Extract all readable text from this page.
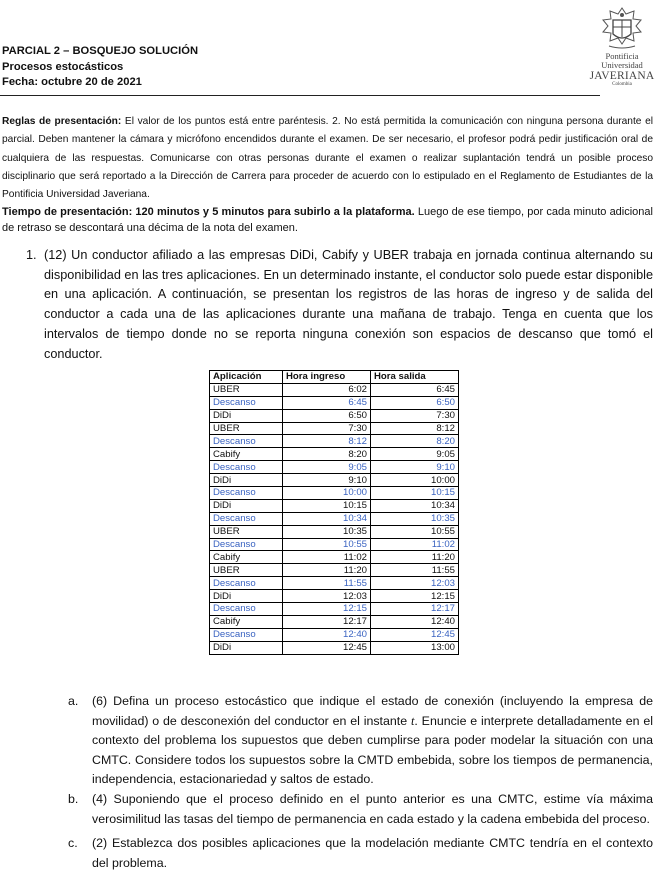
PARCIAL 2 – BOSQUEJO SOLUCIÓN
Procesos estocásticos
Fecha: octubre 20 de 2021
Pontificia Universidad
JAVERIANA
Colombia
Reglas de presentación: El valor de los puntos está entre paréntesis. 2. No está permitida la comunicación con ninguna persona durante el parcial. Deben mantener la cámara y micrófono encendidos durante el examen. De ser necesario, el profesor podrá pedir justificación oral de cualquiera de las respuestas. Comunicarse con otras personas durante el examen o realizar suplantación tendrá un posible proceso disciplinario que será reportado a la Dirección de Carrera para proceder de acuerdo con lo estipulado en el Reglamento de Estudiantes de la Pontificia Universidad Javeriana.
Tiempo de presentación: 120 minutos y 5 minutos para subirlo a la plataforma. Luego de ese tiempo, por cada minuto adicional de retraso se descontará una décima de la nota del examen.
1. (12) Un conductor afiliado a las empresas DiDi, Cabify y UBER trabaja en jornada continua alternando su disponibilidad en las tres aplicaciones. En un determinado instante, el conductor solo puede estar disponible en una aplicación. A continuación, se presentan los registros de las horas de ingreso y de salida del conductor a cada una de las aplicaciones durante una mañana de trabajo. Tenga en cuenta que los intervalos de tiempo donde no se reporta ninguna conexión son espacios de descanso que tomó el conductor.
Aplicación	Hora ingreso	Hora salida
UBER	6:02	6:45
Descanso	6:45	6:50
DiDi	6:50	7:30
UBER	7:30	8:12
Descanso	8:12	8:20
Cabify	8:20	9:05
Descanso	9:05	9:10
DiDi	9:10	10:00
Descanso	10:00	10:15
DiDi	10:15	10:34
Descanso	10:34	10:35
UBER	10:35	10:55
Descanso	10:55	11:02
Cabify	11:02	11:20
UBER	11:20	11:55
Descanso	11:55	12:03
DiDi	12:03	12:15
Descanso	12:15	12:17
Cabify	12:17	12:40
Descanso	12:40	12:45
DiDi	12:45	13:00
a. (6) Defina un proceso estocástico que indique el estado de conexión (incluyendo la empresa de movilidad) o de desconexión del conductor en el instante t. Enuncie e interprete detalladamente en el contexto del problema los supuestos que deben cumplirse para poder modelar la situación con una CMTC. Considere todos los supuestos sobre la CMTD embebida, sobre los tiempos de permanencia, independencia, estacionariedad y saltos de estado.
b. (4) Suponiendo que el proceso definido en el punto anterior es una CMTC, estime vía máxima verosimilitud las tasas del tiempo de permanencia en cada estado y la cadena embebida del proceso.
c. (2) Establezca dos posibles aplicaciones que la modelación mediante CMTC tendría en el contexto del problema.
